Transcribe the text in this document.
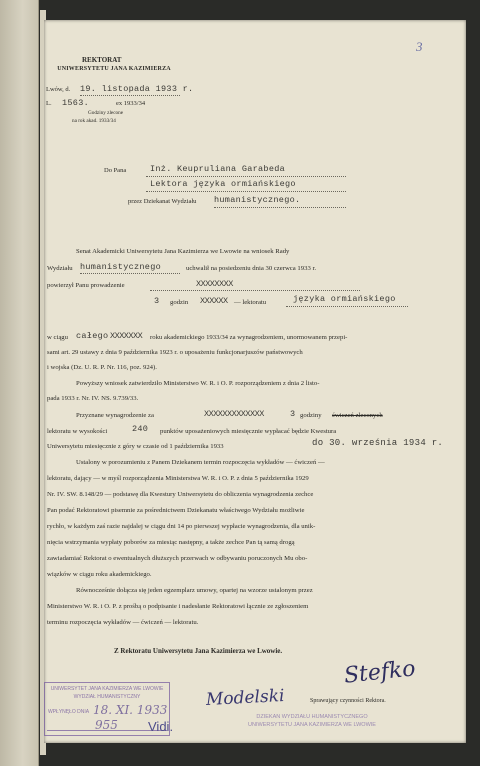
3
REKTORAT
UNIWERSYTETU JANA KAZIMIERZA
Lwów, d. 19. listopada 1933 r.
L. 1563.	ex 1933/34
Godziny zlecone
na rok akad. 1933/34
Do Pana	Inż. Keupruliana Garabeda
Lektora języka ormiańskiego
przez Dziekanat Wydziału humanistycznego.
Senat Akademicki Uniwersytetu Jana Kazimierza we Lwowie na wniosek Rady
Wydziału humanistycznego	uchwalił na posiedzeniu dnia 30 czerwca 1933 r.
powierzył Panu prowadzenie	XXXXXXXX
3 godzin XXXXXX — lektoratu	języka ormiańskiego
w ciągu całego XXXXXXX roku akademickiego 1933/34 za wynagrodzeniem, unormowanem przepi-
sami art. 29 ustawy z dnia 9 października 1923 r. o uposażeniu funkcjonarjuszów państwowych
i wojska (Dz. U. R. P. Nr. 116, poz. 924).
Powyższy wniosek zatwierdziło Ministerstwo W. R. i O. P. rozporządzeniem z dnia 2 listo-
pada 1933 r. Nr. IV. NS. 9.739/33.
Przyznane wynagrodzenie za	XXXXXXXXXXXXX	3 godziny ćwiczeń zleconych
lektoratu w wysokości	240 punktów uposażeniowych miesięcznie wypłacać będzie Kwestura
Uniwersytetu miesięcznie z góry w czasie od 1 października 1933	do 30. września 1934 r.
Ustalony w porozumieniu z Panem Dziekanem termin rozpoczęcia wykładów — ćwiczeń —
lektoratu, dający — w myśl rozporządzenia Ministerstwa W. R. i O. P. z dnia 5 października 1929
Nr. IV. SW. 8.148/29 — podstawę dla Kwestury Uniwersytetu do obliczenia wynagrodzenia zechce
Pan podać Rektoratowi pisemnie za pośrednictwem Dziekanatu właściwego Wydziału możliwie
rychło, w każdym zaś razie najdalej w ciągu dni 14 po pierwszej wypłacie wynagrodzenia, dla unik-
nięcia wstrzymania wypłaty poborów za miesiąc następny, a także zechce Pan tą samą drogą
zawiadamiać Rektorat o ewentualnych dłuższych przerwach w odbywaniu poruczonych Mu obo-
wiązków w ciągu roku akademickiego.
Równocześnie dołącza się jeden egzemplarz umowy, opartej na wzorze ustalonym przez
Ministerstwo W. R. i O. P. z prośbą o podpisanie i nadesłanie Rektoratowi łącznie ze zgłoszeniem
terminu rozpoczęcia wykładów — ćwiczeń — lektoratu.
Z Rektoratu Uniwersytetu Jana Kazimierza we Lwowie.
UNIWERSYTET JANA KAZIMIERZA WE LWOWIE
WYDZIAŁ HUMANISTYCZNY
WPŁYNĘŁO DNIA 18. XI. 1933
955 Vidi.
Modelski
DZIEKAN WYDZIAŁU HUMANISTYCZNEGO
UNIWERSYTETU JANA KAZIMIERZA WE LWOWIE
Stefko
Sprawujący czynności Rektora.
